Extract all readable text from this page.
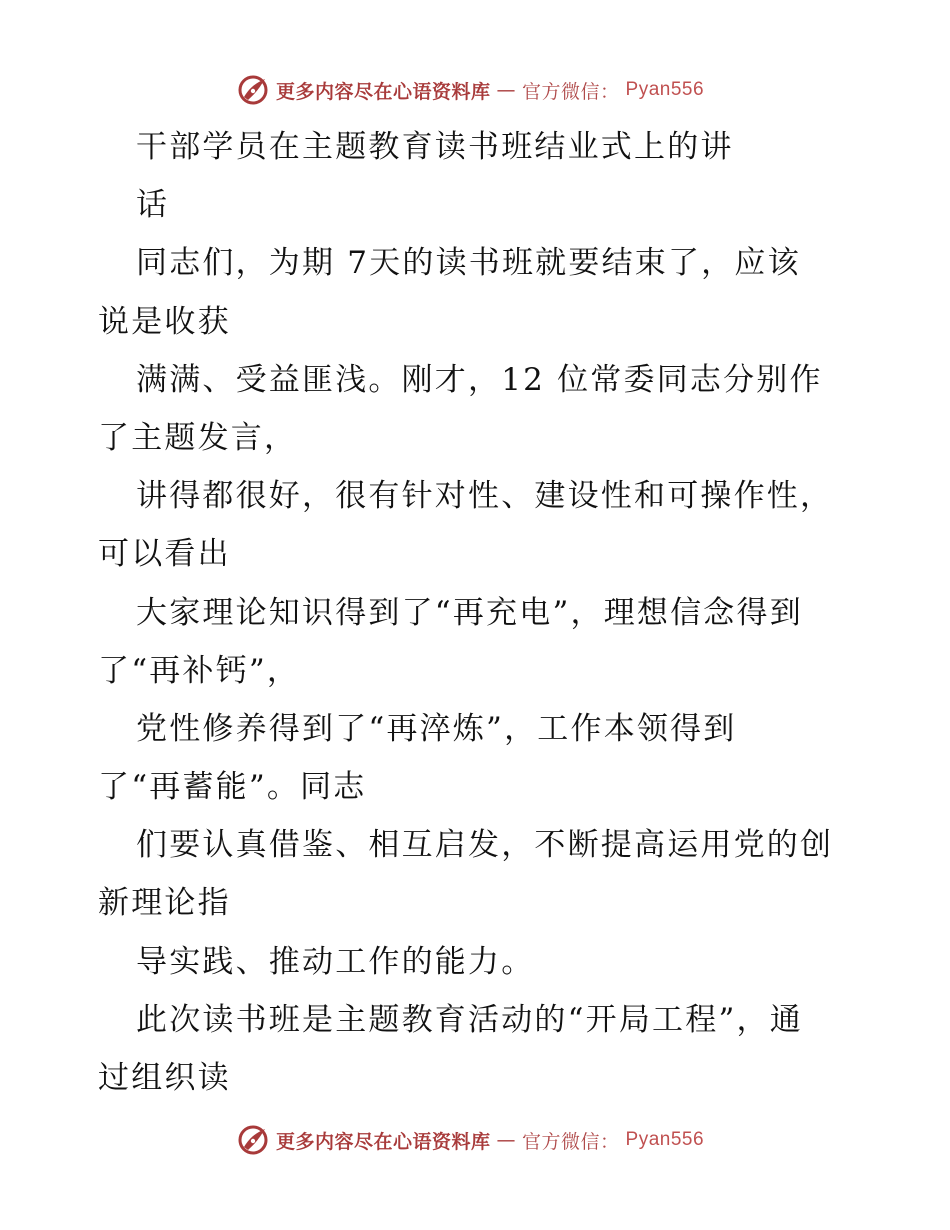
更多内容尽在心语资料库 — 官方微信： Pyan556
干部学员在主题教育读书班结业式上的讲
话
同志们，为期 7天的读书班就要结束了，应该
说是收获
满满、受益匪浅。刚才，12 位常委同志分别作
了主题发言，
讲得都很好，很有针对性、建设性和可操作性，
可以看出
大家理论知识得到了“再充电”，理想信念得到
了“再补钙”，
党性修养得到了“再淬炼”，工作本领得到
了“再蓄能”。同志
们要认真借鉴、相互启发，不断提高运用党的创
新理论指
导实践、推动工作的能力。
此次读书班是主题教育活动的“开局工程”，通
过组织读
更多内容尽在心语资料库 — 官方微信： Pyan556
